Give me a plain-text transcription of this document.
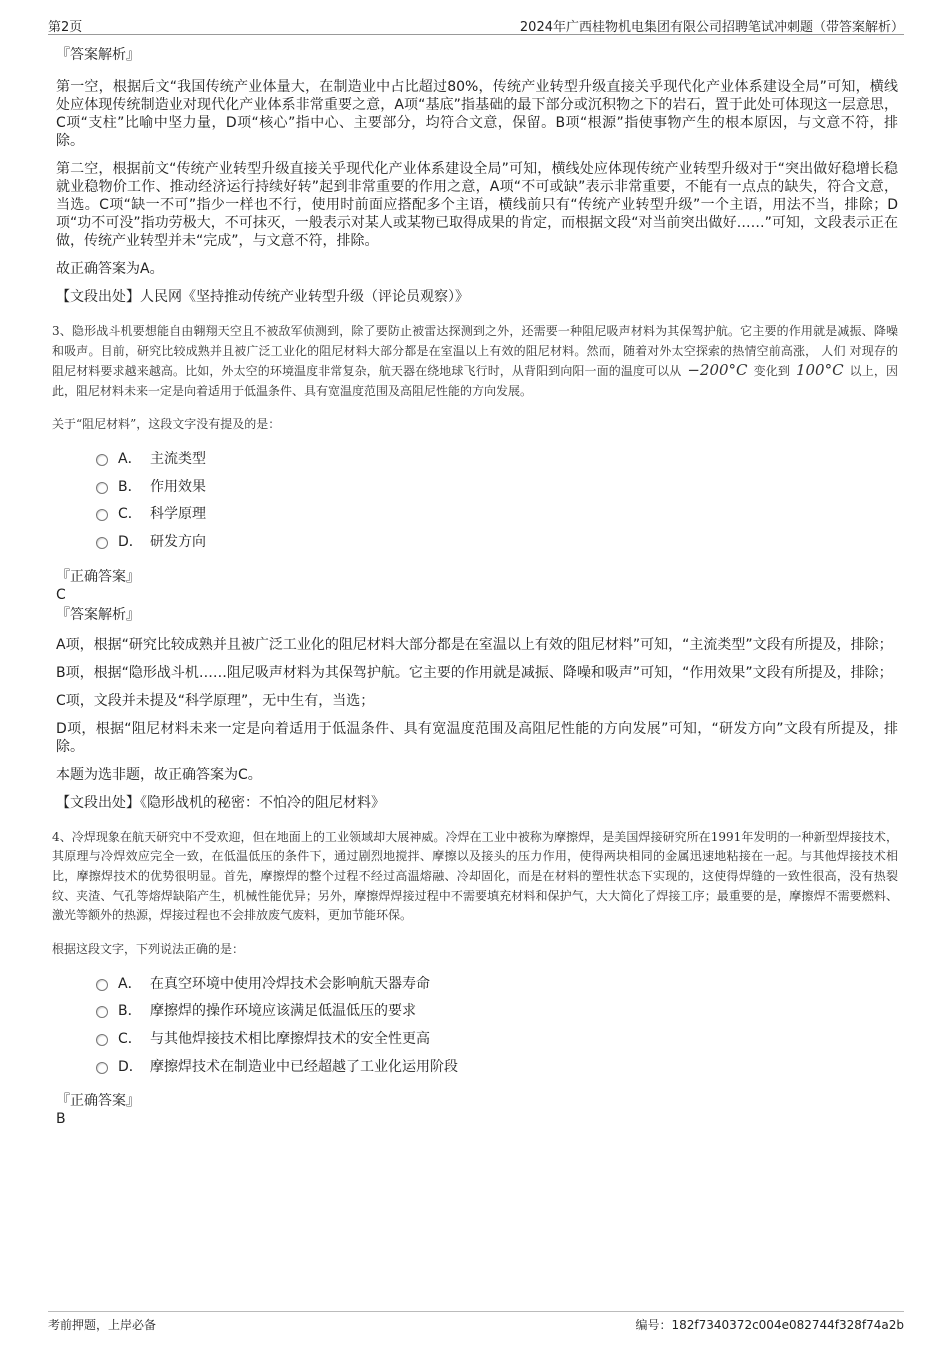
第2页	2024年广西桂物机电集团有限公司招聘笔试冲刺题（带答案解析）
『答案解析』
第一空，根据后文“我国传统产业体量大，在制造业中占比超过80%，传统产业转型升级直接关乎现代化产业体系建设全局”可知，横线处应体现传统制造业对现代化产业体系非常重要之意，A项“基底”指基础的最下部分或沉积物之下的岩石，置于此处可体现这一层意思，C项“支柱”比喻中坚力量，D项“核心”指中心、主要部分，均符合文意，保留。B项“根源”指使事物产生的根本原因，与文意不符，排除。
第二空，根据前文“传统产业转型升级直接关乎现代化产业体系建设全局”可知，横线处应体现传统产业转型升级对于“突出做好稳增长稳就业稳物价工作、推动经济运行持续好转”起到非常重要的作用之意，A项“不可或缺”表示非常重要，不能有一点点的缺失，符合文意，当选。C项“缺一不可”指少一样也不行，使用时前面应搭配多个主语，横线前只有“传统产业转型升级”一个主语，用法不当，排除；D项“功不可没”指功劳极大，不可抹灭，一般表示对某人或某物已取得成果的肯定，而根据文段“对当前突出做好……”可知，文段表示正在做，传统产业转型并未“完成”，与文意不符，排除。
故正确答案为A。
【文段出处】人民网《坚持推动传统产业转型升级（评论员观察）》
3、隐形战斗机要想能自由翱翔天空且不被敌军侦测到，除了要防止被雷达探测到之外，还需要一种阻尼吸声材料为其保驾护航。它主要的作用就是减振、降噪和吸声。目前，研究比较成熟并且被广泛工业化的阻尼材料大部分都是在室温以上有效的阻尼材料。然而，随着对外太空探索的热情空前高涨， 人们 对现存的阻尼材料要求越来越高。比如，外太空的环境温度非常复杂，航天器在绕地球飞行时，从背阳到向阳一面的温度可以从 −200°C 变化到 100°C 以上，因此，阻尼材料未来一定是向着适用于低温条件、具有宽温度范围及高阻尼性能的方向发展。
关于“阻尼材料”，这段文字没有提及的是：
A． 主流类型
B． 作用效果
C． 科学原理
D． 研发方向
『正确答案』
C
『答案解析』
A项，根据“研究比较成熟并且被广泛工业化的阻尼材料大部分都是在室温以上有效的阻尼材料”可知，“主流类型”文段有所提及，排除；
B项，根据“隐形战斗机……阻尼吸声材料为其保驾护航。它主要的作用就是减振、降噪和吸声”可知，“作用效果”文段有所提及，排除；
C项，文段并未提及“科学原理”，无中生有，当选；
D项，根据“阻尼材料未来一定是向着适用于低温条件、具有宽温度范围及高阻尼性能的方向发展”可知，“研发方向”文段有所提及，排除。
本题为选非题，故正确答案为C。
【文段出处】《隐形战机的秘密：不怕冷的阻尼材料》
4、冷焊现象在航天研究中不受欢迎，但在地面上的工业领域却大展神威。冷焊在工业中被称为摩擦焊，是美国焊接研究所在1991年发明的一种新型焊接技术，其原理与冷焊效应完全一致，在低温低压的条件下，通过剧烈地搅拌、摩擦以及接头的压力作用，使得两块相同的金属迅速地粘接在一起。与其他焊接技术相比，摩擦焊技术的优势很明显。首先，摩擦焊的整个过程不经过高温熔融、冷却固化，而是在材料的塑性状态下实现的，这使得焊缝的一致性很高，没有热裂纹、夹渣、气孔等熔焊缺陷产生，机械性能优异；另外，摩擦焊焊接过程中不需要填充材料和保护气，大大简化了焊接工序；最重要的是，摩擦焊不需要燃料、激光等额外的热源，焊接过程也不会排放废气废料，更加节能环保。
根据这段文字，下列说法正确的是：
A． 在真空环境中使用冷焊技术会影响航天器寿命
B． 摩擦焊的操作环境应该满足低温低压的要求
C． 与其他焊接技术相比摩擦焊技术的安全性更高
D． 摩擦焊技术在制造业中已经超越了工业化运用阶段
『正确答案』
B
考前押题，上岸必备	编号：182f7340372c004e082744f328f74a2b
